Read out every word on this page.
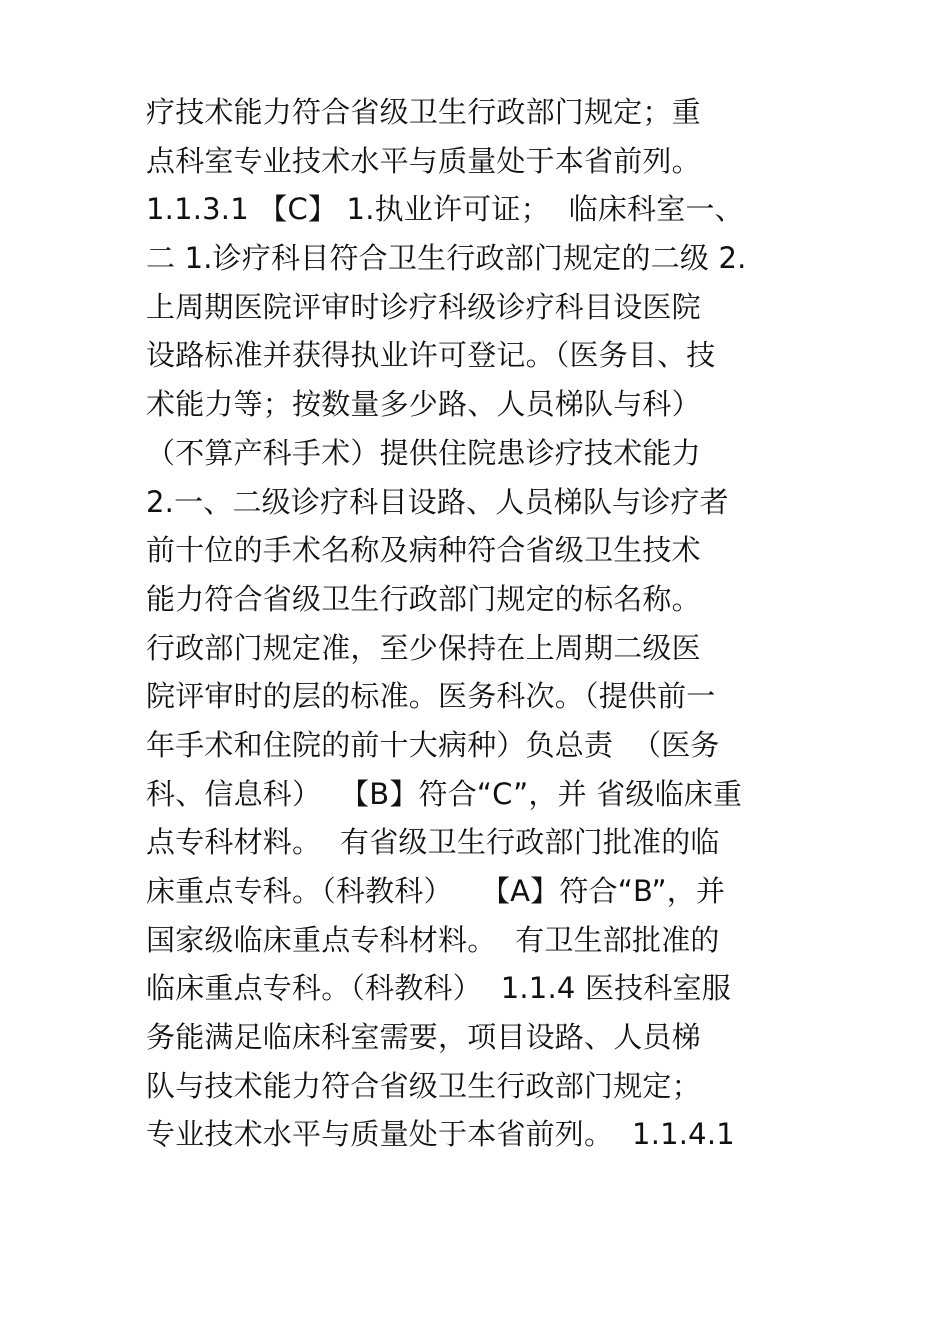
疗技术能力符合省级卫生行政部门规定；重
点科室专业技术水平与质量处于本省前列。
1.1.3.1 【C】 1.执业许可证；  临床科室一、
二 1.诊疗科目符合卫生行政部门规定的二级 2.
上周期医院评审时诊疗科级诊疗科目设医院
设路标准并获得执业许可登记。（医务目、技
术能力等；按数量多少路、人员梯队与科）
（不算产科手术）提供住院患诊疗技术能力
2.一、二级诊疗科目设路、人员梯队与诊疗者
前十位的手术名称及病种符合省级卫生技术
能力符合省级卫生行政部门规定的标名称。
行政部门规定准，至少保持在上周期二级医
院评审时的层的标准。医务科次。（提供前一
年手术和住院的前十大病种）负总责  （医务
科、信息科）  【B】符合“C”，并 省级临床重
点专科材料。  有省级卫生行政部门批准的临
床重点专科。（科教科）   【A】符合“B”，并
国家级临床重点专科材料。  有卫生部批准的
临床重点专科。（科教科）  1.1.4 医技科室服
务能满足临床科室需要，项目设路、人员梯
队与技术能力符合省级卫生行政部门规定；
专业技术水平与质量处于本省前列。  1.1.4.1
